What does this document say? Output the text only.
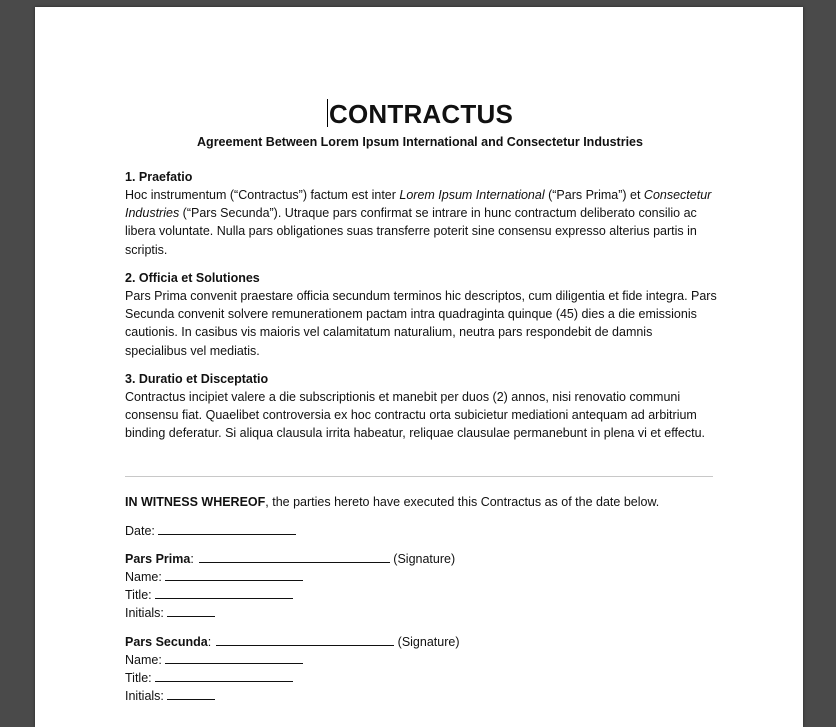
CONTRACTUS
Agreement Between Lorem Ipsum International and Consectetur Industries
1. Praefatio

Hoc instrumentum (“Contractus”) factum est inter Lorem Ipsum International (“Pars Prima”) et Consectetur Industries (“Pars Secunda”). Utraque pars confirmat se intrare in hunc contractum deliberato consilio ac libera voluntate. Nulla pars obligationes suas transferre poterit sine consensu expresso alterius partis in scriptis.

2. Officia et Solutiones

Pars Prima convenit praestare officia secundum terminos hic descriptos, cum diligentia et fide integra. Pars Secunda convenit solvere remunerationem pactam intra quadraginta quinque (45) dies a die emissionis cautionis. In casibus vis maioris vel calamitatum naturalium, neutra pars respondebit de damnis specialibus vel mediatis.

3. Duratio et Disceptatio

Contractus incipiet valere a die subscriptionis et manebit per duos (2) annos, nisi renovatio communi consensu fiat. Quaelibet controversia ex hoc contractu orta subicietur mediationi antequam ad arbitrium binding deferatur. Si aliqua clausula irrita habeatur, reliquae clausulae permanebunt in plena vi et effectu.

IN WITNESS WHEREOF, the parties hereto have executed this Contractus as of the date below.
Date:
Pars Prima:	(Signature)
Name:
Title:
Initials:
Pars Secunda:	(Signature)
Name:
Title:
Initials:
